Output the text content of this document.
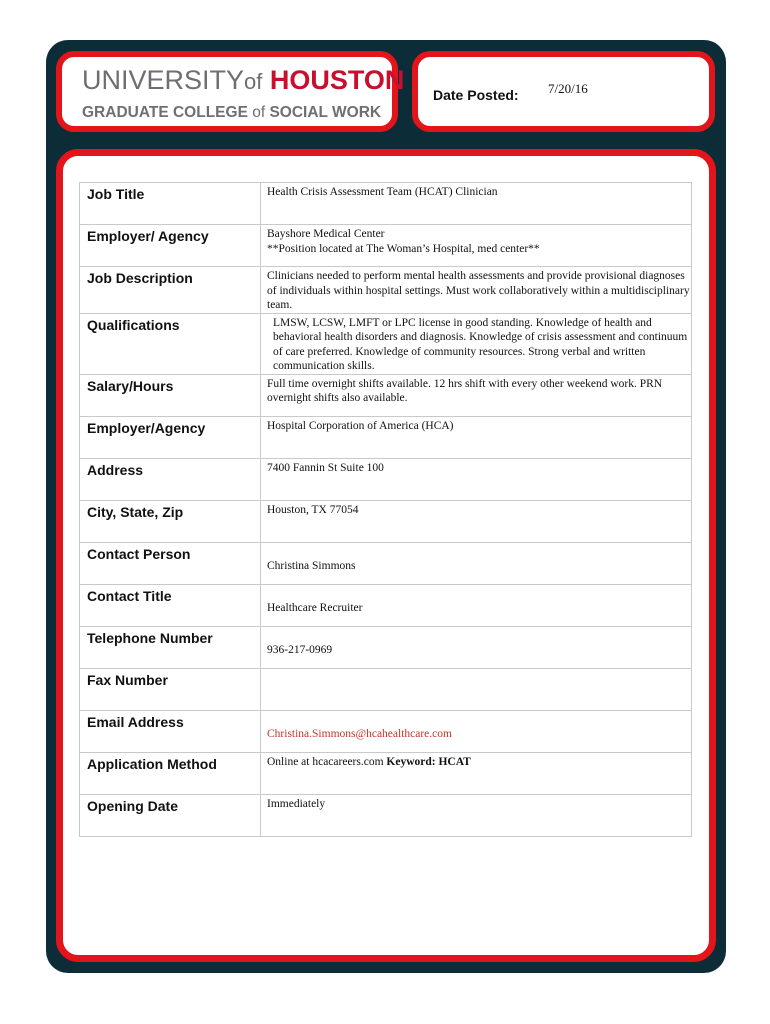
UNIVERSITYof HOUSTON
GRADUATE COLLEGE of SOCIAL WORK
Date Posted: 7/20/16
Job Title	Health Crisis Assessment Team (HCAT) Clinician

Employer/ Agency	Bayshore Medical Center
**Position located at The Woman’s Hospital, med center**

Job Description	Clinicians needed to perform mental health assessments and provide provisional diagnoses of individuals within hospital settings. Must work collaboratively within a multidisciplinary team.

Qualifications	LMSW, LCSW, LMFT or LPC license in good standing. Knowledge of health and behavioral health disorders and diagnosis. Knowledge of crisis assessment and continuum of care preferred. Knowledge of community resources. Strong verbal and written communication skills.

Salary/Hours	Full time overnight shifts available. 12 hrs shift with every other weekend work. PRN overnight shifts also available.

Employer/Agency	Hospital Corporation of America (HCA)

Address	7400 Fannin St Suite 100

City, State, Zip	Houston, TX 77054

Contact Person	Christina Simmons

Contact Title	Healthcare Recruiter

Telephone Number	936-217-0969

Fax Number	

Email Address	Christina.Simmons@hcahealthcare.com

Application Method	Online at hcacareers.com Keyword: HCAT

Opening Date	Immediately
